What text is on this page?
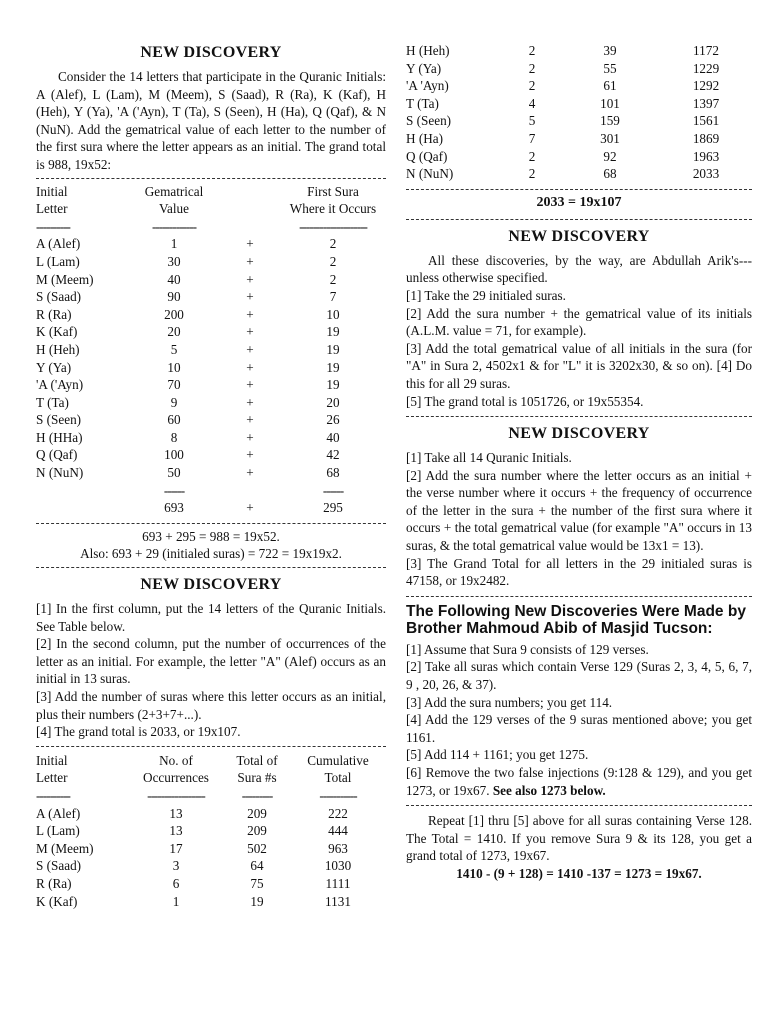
NEW DISCOVERY

Consider the 14 letters that participate in the Quranic Initials: A (Alef), L (Lam), M (Meem), S (Saad), R (Ra), K (Kaf), H (Heh), Y (Ya), 'A ('Ayn), T (Ta), S (Seen), H (Ha), Q (Qaf), & N (NuN). Add the gematrical value of each letter to the number of the first sura where the letter appears as an initial. The grand total is 988, 19x52:

Initial	Gematrical		First Sura
Letter	Value		Where it Occurs
----------	-------------		--------------------
A (Alef)	1	+	2
L (Lam)	30	+	2
M (Meem)	40	+	2
S (Saad)	90	+	7
R (Ra)	200	+	10
K (Kaf)	20	+	19
H (Heh)	5	+	19
Y (Ya)	10	+	19
'A ('Ayn)	70	+	19
T (Ta)	9	+	20
S (Seen)	60	+	26
H (HHa)	8	+	40
Q (Qaf)	100	+	42
N (NuN)	50	+	68
	------		------
	693	+	295

693 + 295 = 988 = 19x52.

Also: 693 + 29 (initialed suras) = 722 = 19x19x2.

NEW DISCOVERY

[1] In the first column, put the 14 letters of the Quranic Initials. See Table below.

[2] In the second column, put the number of occurrences of the letter as an initial. For example, the letter "A" (Alef) occurs as an initial in 13 suras.

[3] Add the number of suras where this letter occurs as an initial, plus their numbers (2+3+7+...).

[4] The grand total is 2033, or 19x107.

Initial	No. of	Total of	Cumulative
Letter	Occurrences	Sura #s	Total
----------	-----------------	---------	-----------
A (Alef)	13	209	222
L (Lam)	13	209	444
M (Meem)	17	502	963
S (Saad)	3	64	1030
R (Ra)	6	75	1111
K (Kaf)	1	19	1131
H (Heh)	2	39	1172
Y (Ya)	2	55	1229
'A 'Ayn)	2	61	1292
T (Ta)	4	101	1397
S (Seen)	5	159	1561
H (Ha)	7	301	1869
Q (Qaf)	2	92	1963
N (NuN)	2	68	2033

2033 = 19x107

NEW DISCOVERY

All these discoveries, by the way, are Abdullah Arik's---unless otherwise specified.

[1] Take the 29 initialed suras.

[2] Add the sura number + the gematrical value of its initials (A.L.M. value = 71, for example).

[3] Add the total gematrical value of all initials in the sura (for "A" in Sura 2, 4502x1 & for "L" it is 3202x30, & so on). [4] Do this for all 29 suras.

[5] The grand total is 1051726, or 19x55354.

NEW DISCOVERY

[1] Take all 14 Quranic Initials.

[2] Add the sura number where the letter occurs as an initial + the verse number where it occurs + the frequency of occurrence of the letter in the sura + the number of the first sura where it occurs + the total gematrical value (for example "A" occurs in 13 suras, & the total gematrical value would be 13x1 = 13).

[3] The Grand Total for all letters in the 29 initialed suras is 47158, or 19x2482.

The Following New Discoveries Were Made by Brother Mahmoud Abib of Masjid Tucson:

[1] Assume that Sura 9 consists of 129 verses.

[2] Take all suras which contain Verse 129 (Suras 2, 3, 4, 5, 6, 7, 9 , 20, 26, & 37).

[3] Add the sura numbers; you get 114.

[4] Add the 129 verses of the 9 suras mentioned above; you get 1161.

[5] Add 114 + 1161; you get 1275.

[6] Remove the two false injections (9:128 & 129), and you get 1273, or 19x67. See also 1273 below.

Repeat [1] thru [5] above for all suras containing Verse 128. The Total = 1410. If you remove Sura 9 & its 128, you get a grand total of 1273, 19x67.

1410 - (9 + 128) = 1410 -137 = 1273 = 19x67.
